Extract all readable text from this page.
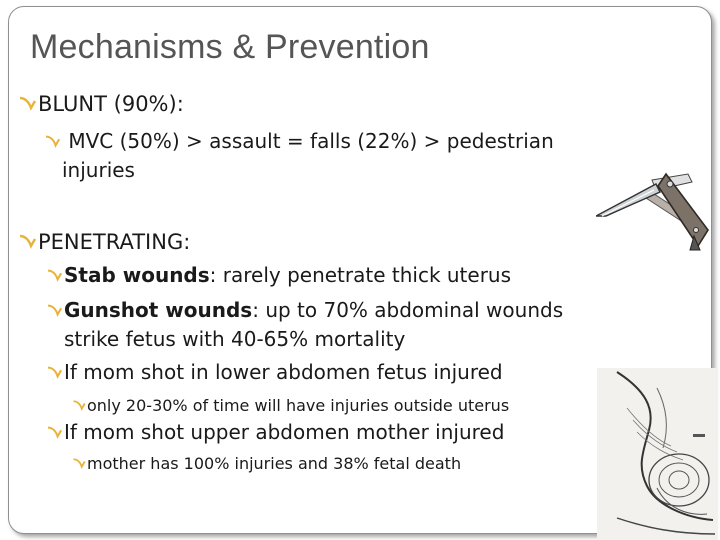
Mechanisms & Prevention
BLUNT (90%):
MVC (50%) > assault = falls (22%) > pedestrian
injuries
PENETRATING:
Stab wounds: rarely penetrate thick uterus
Gunshot wounds: up to 70% abdominal wounds
strike fetus with 40-65% mortality
If mom shot in lower abdomen fetus injured
only 20-30% of time will have injuries outside uterus
If mom shot upper abdomen mother injured
mother has 100% injuries and 38% fetal death
